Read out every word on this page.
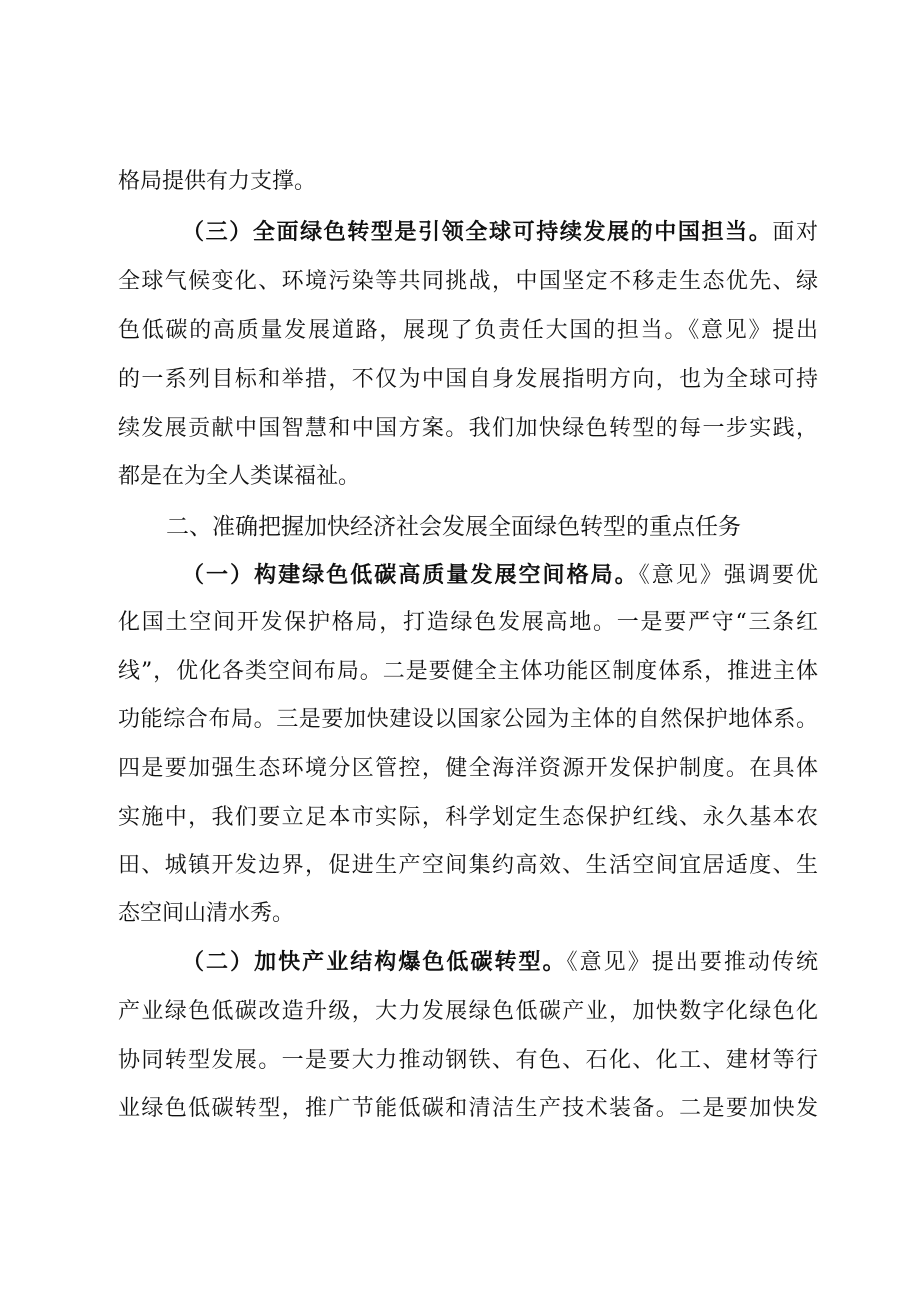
格局提供有力支撑。
（三）全面绿色转型是引领全球可持续发展的中国担当。面对
全球气候变化、环境污染等共同挑战，中国坚定不移走生态优先、绿
色低碳的高质量发展道路，展现了负责任大国的担当。《意见》提出
的一系列目标和举措，不仅为中国自身发展指明方向，也为全球可持
续发展贡献中国智慧和中国方案。我们加快绿色转型的每一步实践，
都是在为全人类谋福祉。
二、准确把握加快经济社会发展全面绿色转型的重点任务
（一）构建绿色低碳高质量发展空间格局。《意见》强调要优
化国土空间开发保护格局，打造绿色发展高地。一是要严守“三条红
线”，优化各类空间布局。二是要健全主体功能区制度体系，推进主体
功能综合布局。三是要加快建设以国家公园为主体的自然保护地体系。
四是要加强生态环境分区管控，健全海洋资源开发保护制度。在具体
实施中，我们要立足本市实际，科学划定生态保护红线、永久基本农
田、城镇开发边界，促进生产空间集约高效、生活空间宜居适度、生
态空间山清水秀。
（二）加快产业结构爆色低碳转型。《意见》提出要推动传统
产业绿色低碳改造升级，大力发展绿色低碳产业，加快数字化绿色化
协同转型发展。一是要大力推动钢铁、有色、石化、化工、建材等行
业绿色低碳转型，推广节能低碳和清洁生产技术装备。二是要加快发
